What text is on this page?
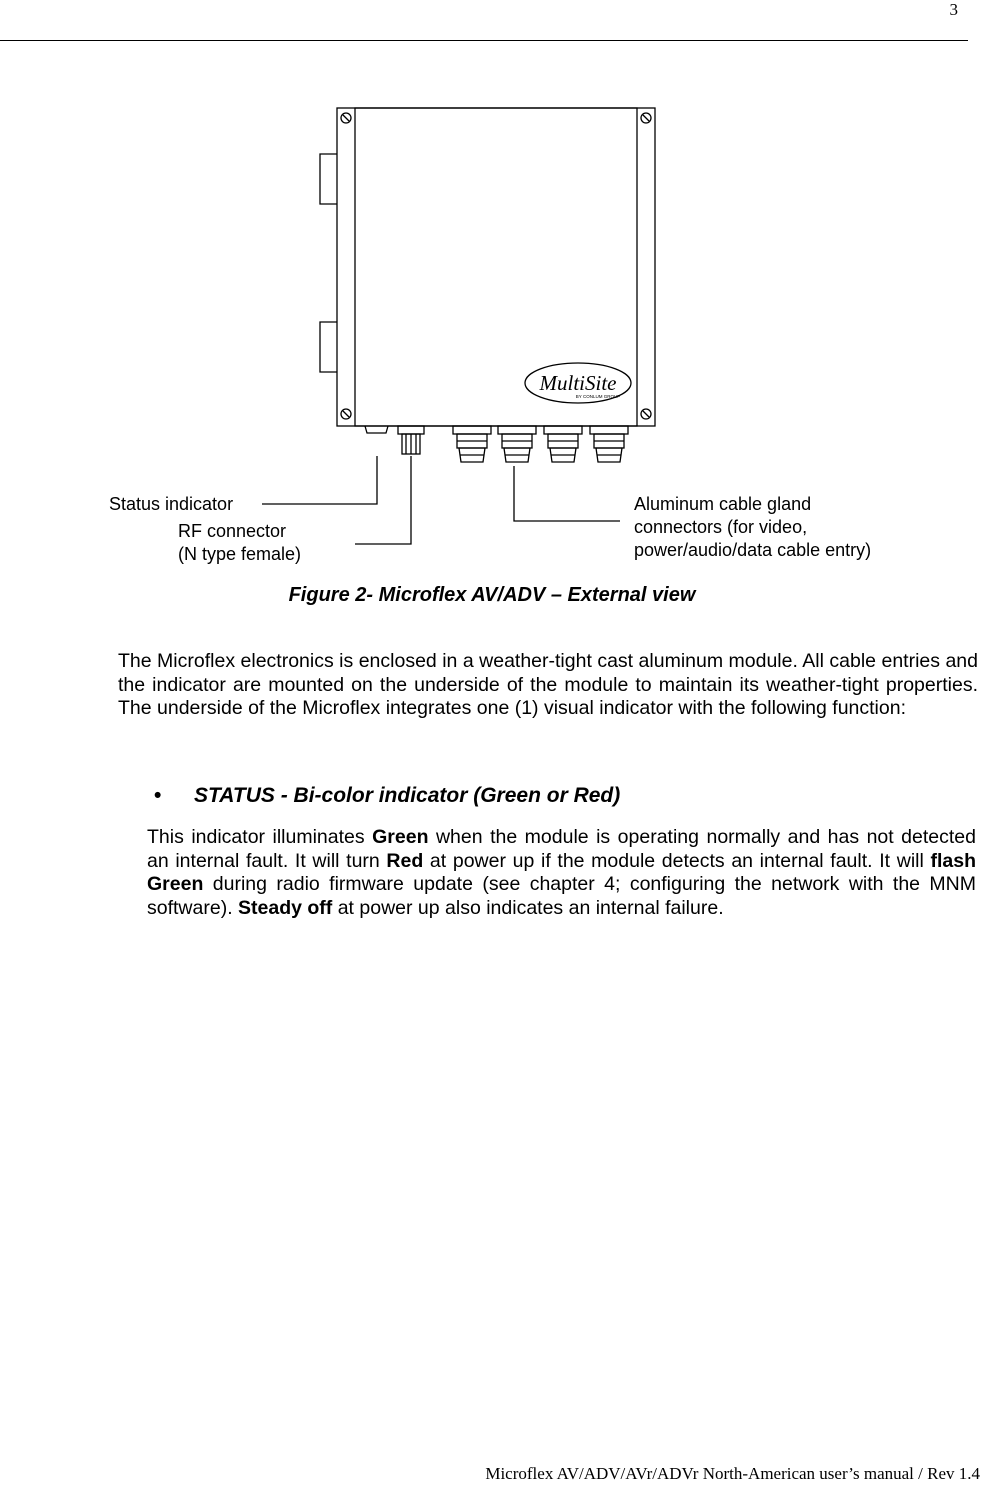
3
MultiSite
BY CONLUM GROUP
Status indicator
RF connector
(N type female)
Aluminum cable gland
connectors (for video,
power/audio/data cable entry)
Figure 2- Microflex AV/ADV – External view

The Microflex electronics is enclosed in a weather-tight cast aluminum module. All cable entries and the indicator are mounted on the underside of the module to maintain its weather-tight properties. The underside of the Microflex integrates one (1) visual indicator with the following function:

• STATUS - Bi-color indicator (Green or Red)

This indicator illuminates Green when the module is operating normally and has not detected an internal fault. It will turn Red at power up if the module detects an internal fault. It will flash Green during radio firmware update (see chapter 4; configuring the network with the MNM software). Steady off at power up also indicates an internal failure.

Microflex AV/ADV/AVr/ADVr North-American user’s manual / Rev 1.4
